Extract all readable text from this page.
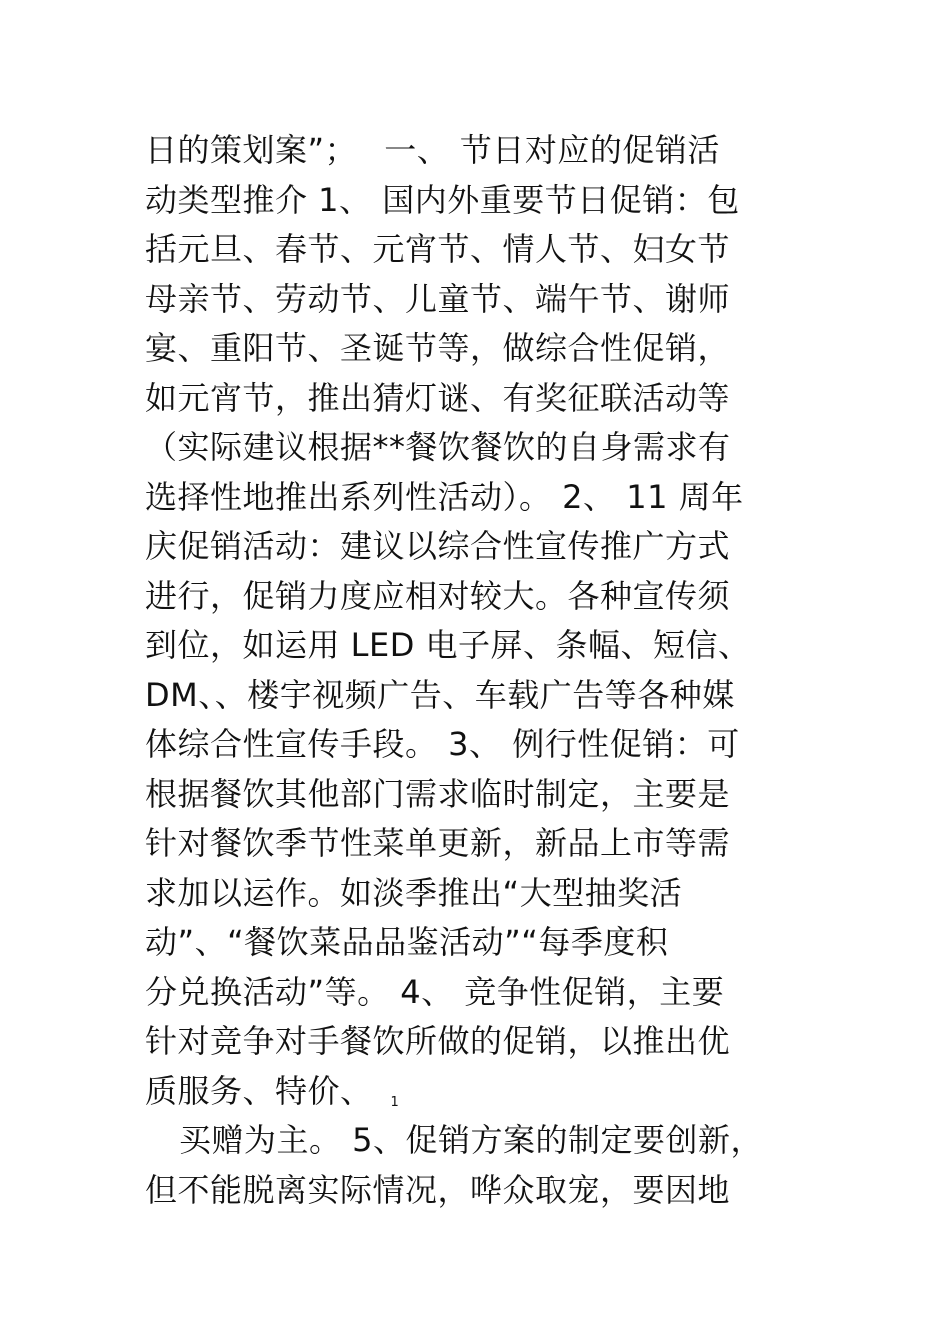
日的策划案”；　 一、 节日对应的促销活
动类型推介 1、 国内外重要节日促销：包
括元旦、春节、元宵节、情人节、妇女节
母亲节、劳动节、儿童节、端午节、谢师
宴、重阳节、圣诞节等，做综合性促销，
如元宵节，推出猜灯谜、有奖征联活动等
（实际建议根据**餐饮餐饮的自身需求有
选择性地推出系列性活动）。 2、 11 周年
庆促销活动：建议以综合性宣传推广方式
进行，促销力度应相对较大。各种宣传须
到位，如运用 LED 电子屏、条幅、短信、
DM、、楼宇视频广告、车载广告等各种媒
体综合性宣传手段。 3、 例行性促销：可
根据餐饮其他部门需求临时制定，主要是
针对餐饮季节性菜单更新，新品上市等需
求加以运作。如淡季推出“大型抽奖活
动”、“餐饮菜品品鉴活动”“每季度积
分兑换活动”等。 4、 竞争性促销，主要
针对竞争对手餐饮所做的促销，以推出优
质服务、特价、 1
买赠为主。 5、促销方案的制定要创新，
但不能脱离实际情况，哗众取宠，要因地
